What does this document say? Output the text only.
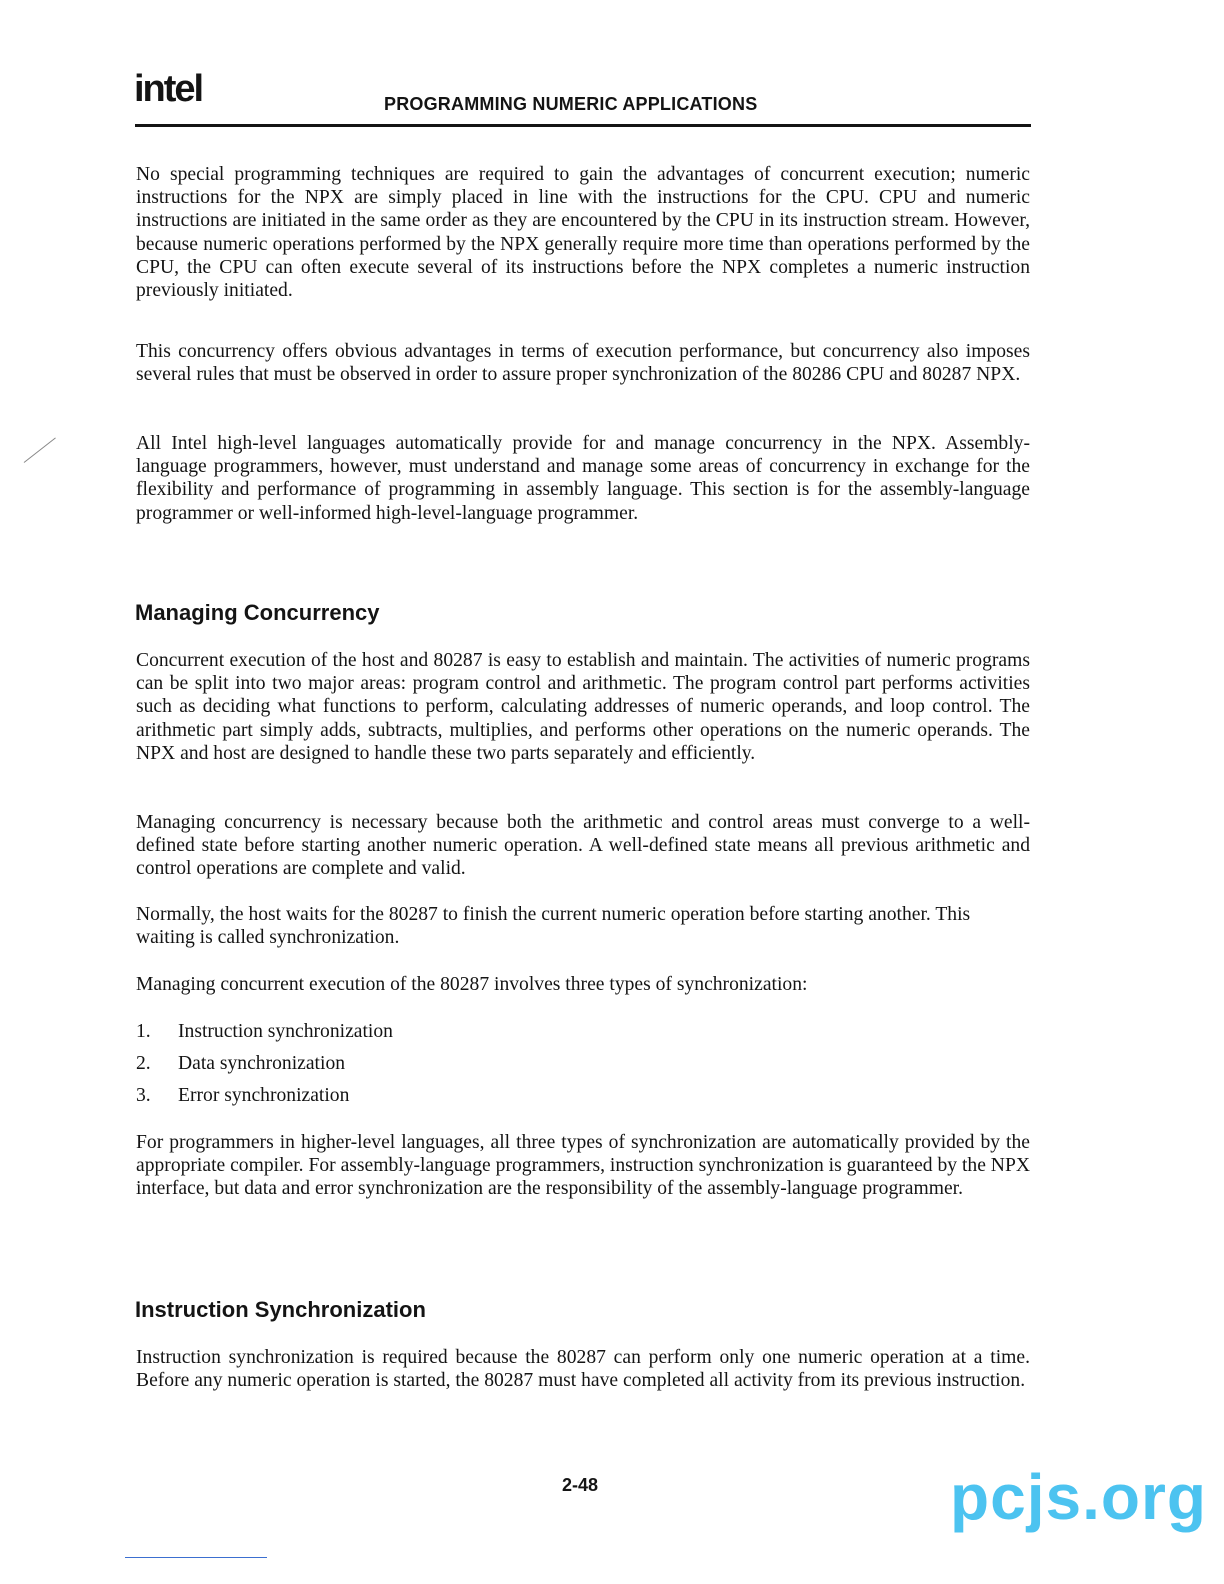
intel	PROGRAMMING NUMERIC APPLICATIONS

No special programming techniques are required to gain the advantages of concurrent execution; numeric instructions for the NPX are simply placed in line with the instructions for the CPU. CPU and numeric instructions are initiated in the same order as they are encountered by the CPU in its instruction stream. However, because numeric operations performed by the NPX generally require more time than operations performed by the CPU, the CPU can often execute several of its instructions before the NPX completes a numeric instruction previously initiated.

This concurrency offers obvious advantages in terms of execution performance, but concurrency also imposes several rules that must be observed in order to assure proper synchronization of the 80286 CPU and 80287 NPX.

All Intel high-level languages automatically provide for and manage concurrency in the NPX. Assembly-language programmers, however, must understand and manage some areas of concurrency in exchange for the flexibility and performance of programming in assembly language. This section is for the assembly-language programmer or well-informed high-level-language programmer.

Managing Concurrency

Concurrent execution of the host and 80287 is easy to establish and maintain. The activities of numeric programs can be split into two major areas: program control and arithmetic. The program control part performs activities such as deciding what functions to perform, calculating addresses of numeric operands, and loop control. The arithmetic part simply adds, subtracts, multiplies, and performs other operations on the numeric operands. The NPX and host are designed to handle these two parts separately and efficiently.

Managing concurrency is necessary because both the arithmetic and control areas must converge to a well-defined state before starting another numeric operation. A well-defined state means all previous arithmetic and control operations are complete and valid.

Normally, the host waits for the 80287 to finish the current numeric operation before starting another. This waiting is called synchronization.

Managing concurrent execution of the 80287 involves three types of synchronization:

1. Instruction synchronization
2. Data synchronization
3. Error synchronization

For programmers in higher-level languages, all three types of synchronization are automatically provided by the appropriate compiler. For assembly-language programmers, instruction synchronization is guaranteed by the NPX interface, but data and error synchronization are the responsibility of the assembly-language programmer.

Instruction Synchronization

Instruction synchronization is required because the 80287 can perform only one numeric operation at a time. Before any numeric operation is started, the 80287 must have completed all activity from its previous instruction.

2-48	pcjs.org
